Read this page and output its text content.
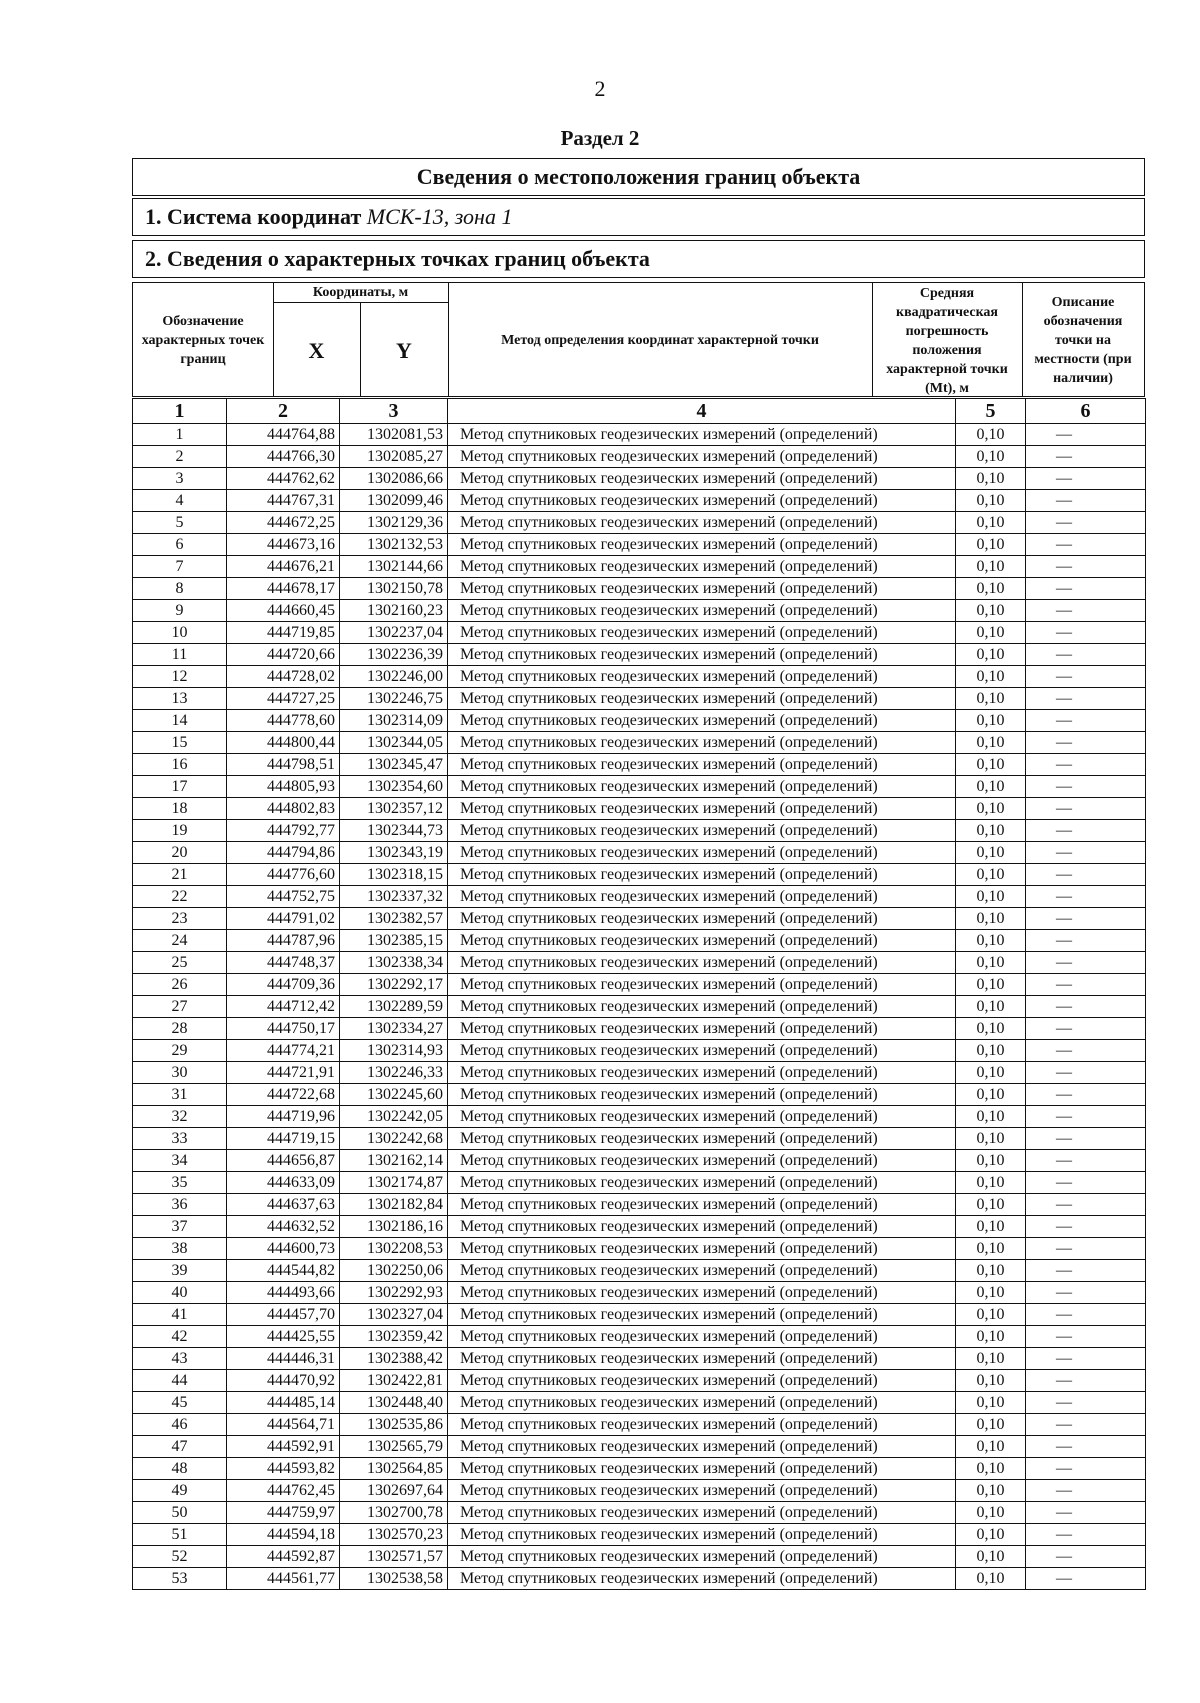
2
Раздел 2
Сведения о местоположения границ объекта
1. Система координат МСК-13, зона 1
2. Сведения о характерных точках границ объекта
Обозначение характерных точек границ
Координаты, м
X	Y	Метод определения координат характерной точки
Средняя квадратическая погрешность положения характерной точки (Mt), м
Описание обозначения точки на местности (при наличии)
1	2	3	4	5	6
1	444764,88	1302081,53	Метод спутниковых геодезических измерений (определений)	0,10	—
2	444766,30	1302085,27	Метод спутниковых геодезических измерений (определений)	0,10	—
3	444762,62	1302086,66	Метод спутниковых геодезических измерений (определений)	0,10	—
4	444767,31	1302099,46	Метод спутниковых геодезических измерений (определений)	0,10	—
5	444672,25	1302129,36	Метод спутниковых геодезических измерений (определений)	0,10	—
6	444673,16	1302132,53	Метод спутниковых геодезических измерений (определений)	0,10	—
7	444676,21	1302144,66	Метод спутниковых геодезических измерений (определений)	0,10	—
8	444678,17	1302150,78	Метод спутниковых геодезических измерений (определений)	0,10	—
9	444660,45	1302160,23	Метод спутниковых геодезических измерений (определений)	0,10	—
10	444719,85	1302237,04	Метод спутниковых геодезических измерений (определений)	0,10	—
11	444720,66	1302236,39	Метод спутниковых геодезических измерений (определений)	0,10	—
12	444728,02	1302246,00	Метод спутниковых геодезических измерений (определений)	0,10	—
13	444727,25	1302246,75	Метод спутниковых геодезических измерений (определений)	0,10	—
14	444778,60	1302314,09	Метод спутниковых геодезических измерений (определений)	0,10	—
15	444800,44	1302344,05	Метод спутниковых геодезических измерений (определений)	0,10	—
16	444798,51	1302345,47	Метод спутниковых геодезических измерений (определений)	0,10	—
17	444805,93	1302354,60	Метод спутниковых геодезических измерений (определений)	0,10	—
18	444802,83	1302357,12	Метод спутниковых геодезических измерений (определений)	0,10	—
19	444792,77	1302344,73	Метод спутниковых геодезических измерений (определений)	0,10	—
20	444794,86	1302343,19	Метод спутниковых геодезических измерений (определений)	0,10	—
21	444776,60	1302318,15	Метод спутниковых геодезических измерений (определений)	0,10	—
22	444752,75	1302337,32	Метод спутниковых геодезических измерений (определений)	0,10	—
23	444791,02	1302382,57	Метод спутниковых геодезических измерений (определений)	0,10	—
24	444787,96	1302385,15	Метод спутниковых геодезических измерений (определений)	0,10	—
25	444748,37	1302338,34	Метод спутниковых геодезических измерений (определений)	0,10	—
26	444709,36	1302292,17	Метод спутниковых геодезических измерений (определений)	0,10	—
27	444712,42	1302289,59	Метод спутниковых геодезических измерений (определений)	0,10	—
28	444750,17	1302334,27	Метод спутниковых геодезических измерений (определений)	0,10	—
29	444774,21	1302314,93	Метод спутниковых геодезических измерений (определений)	0,10	—
30	444721,91	1302246,33	Метод спутниковых геодезических измерений (определений)	0,10	—
31	444722,68	1302245,60	Метод спутниковых геодезических измерений (определений)	0,10	—
32	444719,96	1302242,05	Метод спутниковых геодезических измерений (определений)	0,10	—
33	444719,15	1302242,68	Метод спутниковых геодезических измерений (определений)	0,10	—
34	444656,87	1302162,14	Метод спутниковых геодезических измерений (определений)	0,10	—
35	444633,09	1302174,87	Метод спутниковых геодезических измерений (определений)	0,10	—
36	444637,63	1302182,84	Метод спутниковых геодезических измерений (определений)	0,10	—
37	444632,52	1302186,16	Метод спутниковых геодезических измерений (определений)	0,10	—
38	444600,73	1302208,53	Метод спутниковых геодезических измерений (определений)	0,10	—
39	444544,82	1302250,06	Метод спутниковых геодезических измерений (определений)	0,10	—
40	444493,66	1302292,93	Метод спутниковых геодезических измерений (определений)	0,10	—
41	444457,70	1302327,04	Метод спутниковых геодезических измерений (определений)	0,10	—
42	444425,55	1302359,42	Метод спутниковых геодезических измерений (определений)	0,10	—
43	444446,31	1302388,42	Метод спутниковых геодезических измерений (определений)	0,10	—
44	444470,92	1302422,81	Метод спутниковых геодезических измерений (определений)	0,10	—
45	444485,14	1302448,40	Метод спутниковых геодезических измерений (определений)	0,10	—
46	444564,71	1302535,86	Метод спутниковых геодезических измерений (определений)	0,10	—
47	444592,91	1302565,79	Метод спутниковых геодезических измерений (определений)	0,10	—
48	444593,82	1302564,85	Метод спутниковых геодезических измерений (определений)	0,10	—
49	444762,45	1302697,64	Метод спутниковых геодезических измерений (определений)	0,10	—
50	444759,97	1302700,78	Метод спутниковых геодезических измерений (определений)	0,10	—
51	444594,18	1302570,23	Метод спутниковых геодезических измерений (определений)	0,10	—
52	444592,87	1302571,57	Метод спутниковых геодезических измерений (определений)	0,10	—
53	444561,77	1302538,58	Метод спутниковых геодезических измерений (определений)	0,10	—
